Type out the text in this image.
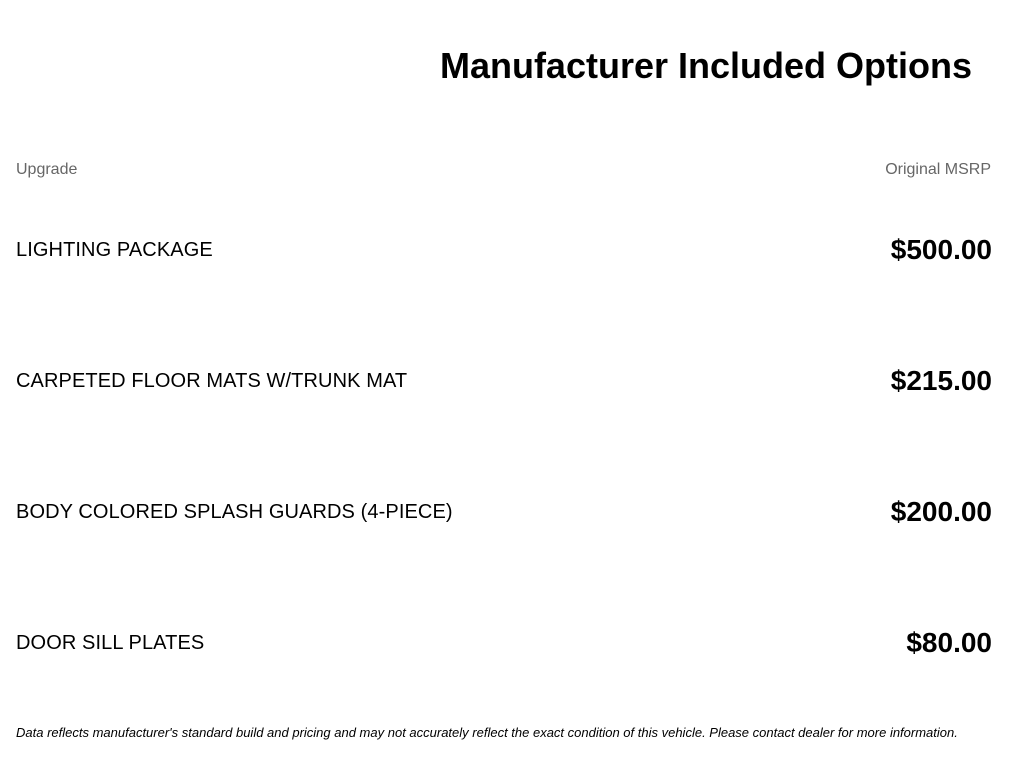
Manufacturer Included Options
Upgrade	Original MSRP
LIGHTING PACKAGE	$500.00
CARPETED FLOOR MATS W/TRUNK MAT	$215.00
BODY COLORED SPLASH GUARDS (4-PIECE)	$200.00
DOOR SILL PLATES	$80.00

Data reflects manufacturer's standard build and pricing and may not accurately reflect the exact condition of this vehicle. Please contact dealer for more information.
